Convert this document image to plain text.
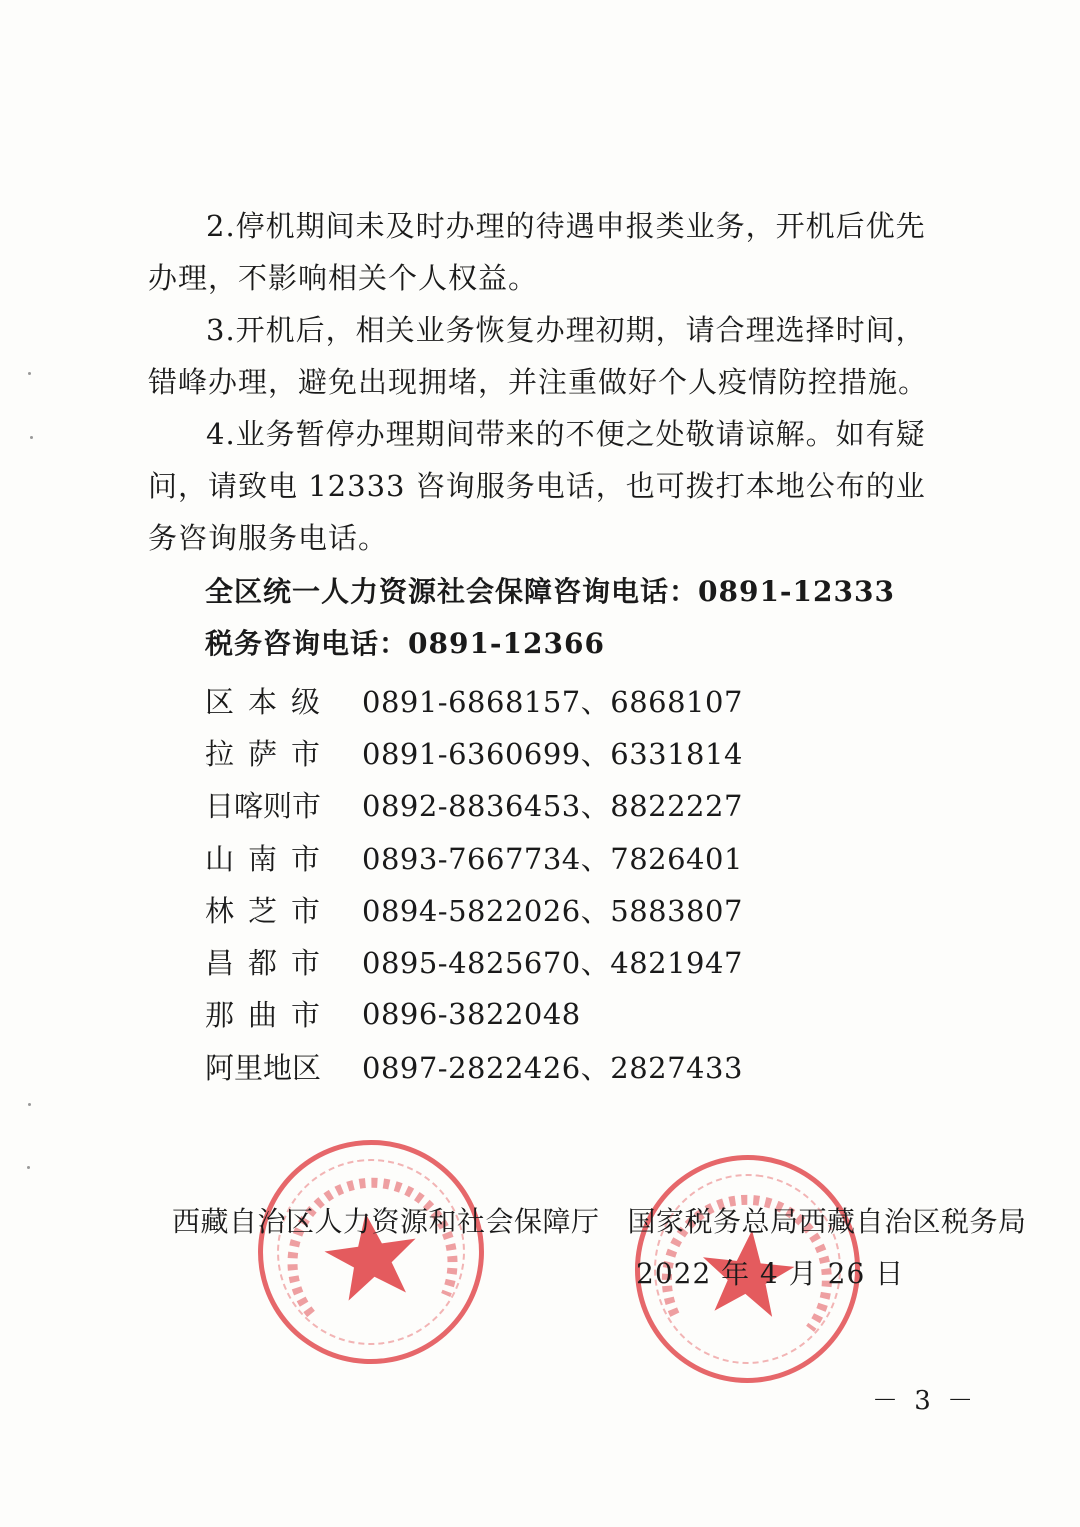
2.停机期间未及时办理的待遇申报类业务，开机后优先办理，不影响相关个人权益。

3.开机后，相关业务恢复办理初期，请合理选择时间，错峰办理，避免出现拥堵，并注重做好个人疫情防控措施。

4.业务暂停办理期间带来的不便之处敬请谅解。如有疑问，请致电 12333 咨询服务电话，也可拨打本地公布的业务咨询服务电话。

全区统一人力资源社会保障咨询电话：0891-12333
税务咨询电话：0891-12366
区本级 0891-6868157、6868107
拉萨市 0891-6360699、6331814
日喀则市 0892-8836453、8822227
山南市 0893-7667734、7826401
林芝市 0894-5822026、5883807
昌都市 0895-4825670、4821947
那曲市 0896-3822048
阿里地区 0897-2822426、2827433
西藏自治区人力资源和社会保障厅 国家税务总局西藏自治区税务局
2022 年 4 月 26 日
－ 3 －
